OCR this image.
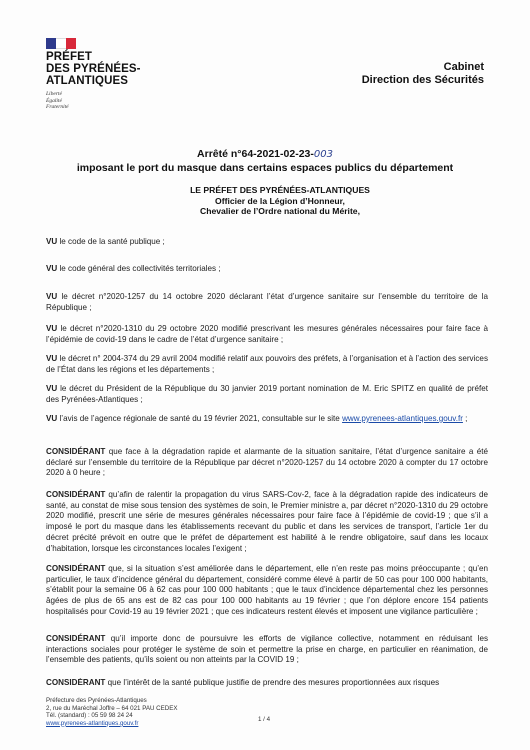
PRÉFET
DES PYRÉNÉES-
ATLANTIQUES
Liberté
Égalité
Fraternité
Cabinet
Direction des Sécurités
Arrêté n°64-2021-02-23-003
imposant le port du masque dans certains espaces publics du département
LE PRÉFET DES PYRÉNÉES-ATLANTIQUES
Officier de la Légion d’Honneur,
Chevalier de l’Ordre national du Mérite,
VU le code de la santé publique ;
VU le code général des collectivités territoriales ;
VU le décret n°2020-1257 du 14 octobre 2020 déclarant l’état d’urgence sanitaire sur l’ensemble du territoire de la République ;
VU le décret n°2020-1310 du 29 octobre 2020 modifié prescrivant les mesures générales nécessaires pour faire face à l’épidémie de covid-19 dans le cadre de l’état d’urgence sanitaire ;
VU le décret n° 2004-374 du 29 avril 2004 modifié relatif aux pouvoirs des préfets, à l’organisation et à l’action des services de l’État dans les régions et les départements ;
VU le décret du Président de la République du 30 janvier 2019 portant nomination de M. Eric SPITZ en qualité de préfet des Pyrénées-Atlantiques ;
VU l’avis de l’agence régionale de santé du 19 février 2021, consultable sur le site www.pyrenees-atlantiques.gouv.fr ;
CONSIDÉRANT que face à la dégradation rapide et alarmante de la situation sanitaire, l’état d’urgence sanitaire a été déclaré sur l’ensemble du territoire de la République par décret n°2020-1257 du 14 octobre 2020 à compter du 17 octobre 2020 à 0 heure ;
CONSIDÉRANT qu’afin de ralentir la propagation du virus SARS-Cov-2, face à la dégradation rapide des indicateurs de santé, au constat de mise sous tension des systèmes de soin, le Premier ministre a, par décret n°2020-1310 du 29 octobre 2020 modifié, prescrit une série de mesures générales nécessaires pour faire face à l’épidémie de covid-19 ; que s’il a imposé le port du masque dans les établissements recevant du public et dans les services de transport, l’article 1er du décret précité prévoit en outre que le préfet de département est habilité à le rendre obligatoire, sauf dans les locaux d’habitation, lorsque les circonstances locales l’exigent ;
CONSIDÉRANT que, si la situation s’est améliorée dans le département, elle n’en reste pas moins préoccupante ; qu’en particulier, le taux d’incidence général du département, considéré comme élevé à partir de 50 cas pour 100 000 habitants, s’établit pour la semaine 06 à 62 cas pour 100 000 habitants ; que le taux d’incidence départemental chez les personnes âgées de plus de 65 ans est de 82 cas pour 100 000 habitants au 19 février ; que l’on déplore encore 154 patients hospitalisés pour Covid-19 au 19 février 2021 ; que ces indicateurs restent élevés et imposent une vigilance particulière ;
CONSIDÉRANT qu’il importe donc de poursuivre les efforts de vigilance collective, notamment en réduisant les interactions sociales pour protéger le système de soin et permettre la prise en charge, en particulier en réanimation, de l’ensemble des patients, qu’ils soient ou non atteints par la COVID 19 ;
CONSIDÉRANT que l’intérêt de la santé publique justifie de prendre des mesures proportionnées aux risques
Préfecture des Pyrénées-Atlantiques
2, rue du Maréchal Joffre – 64 021 PAU CEDEX
Tél. (standard) : 05 59 98 24 24
www.pyrenees-atlantiques.gouv.fr
1 / 4
